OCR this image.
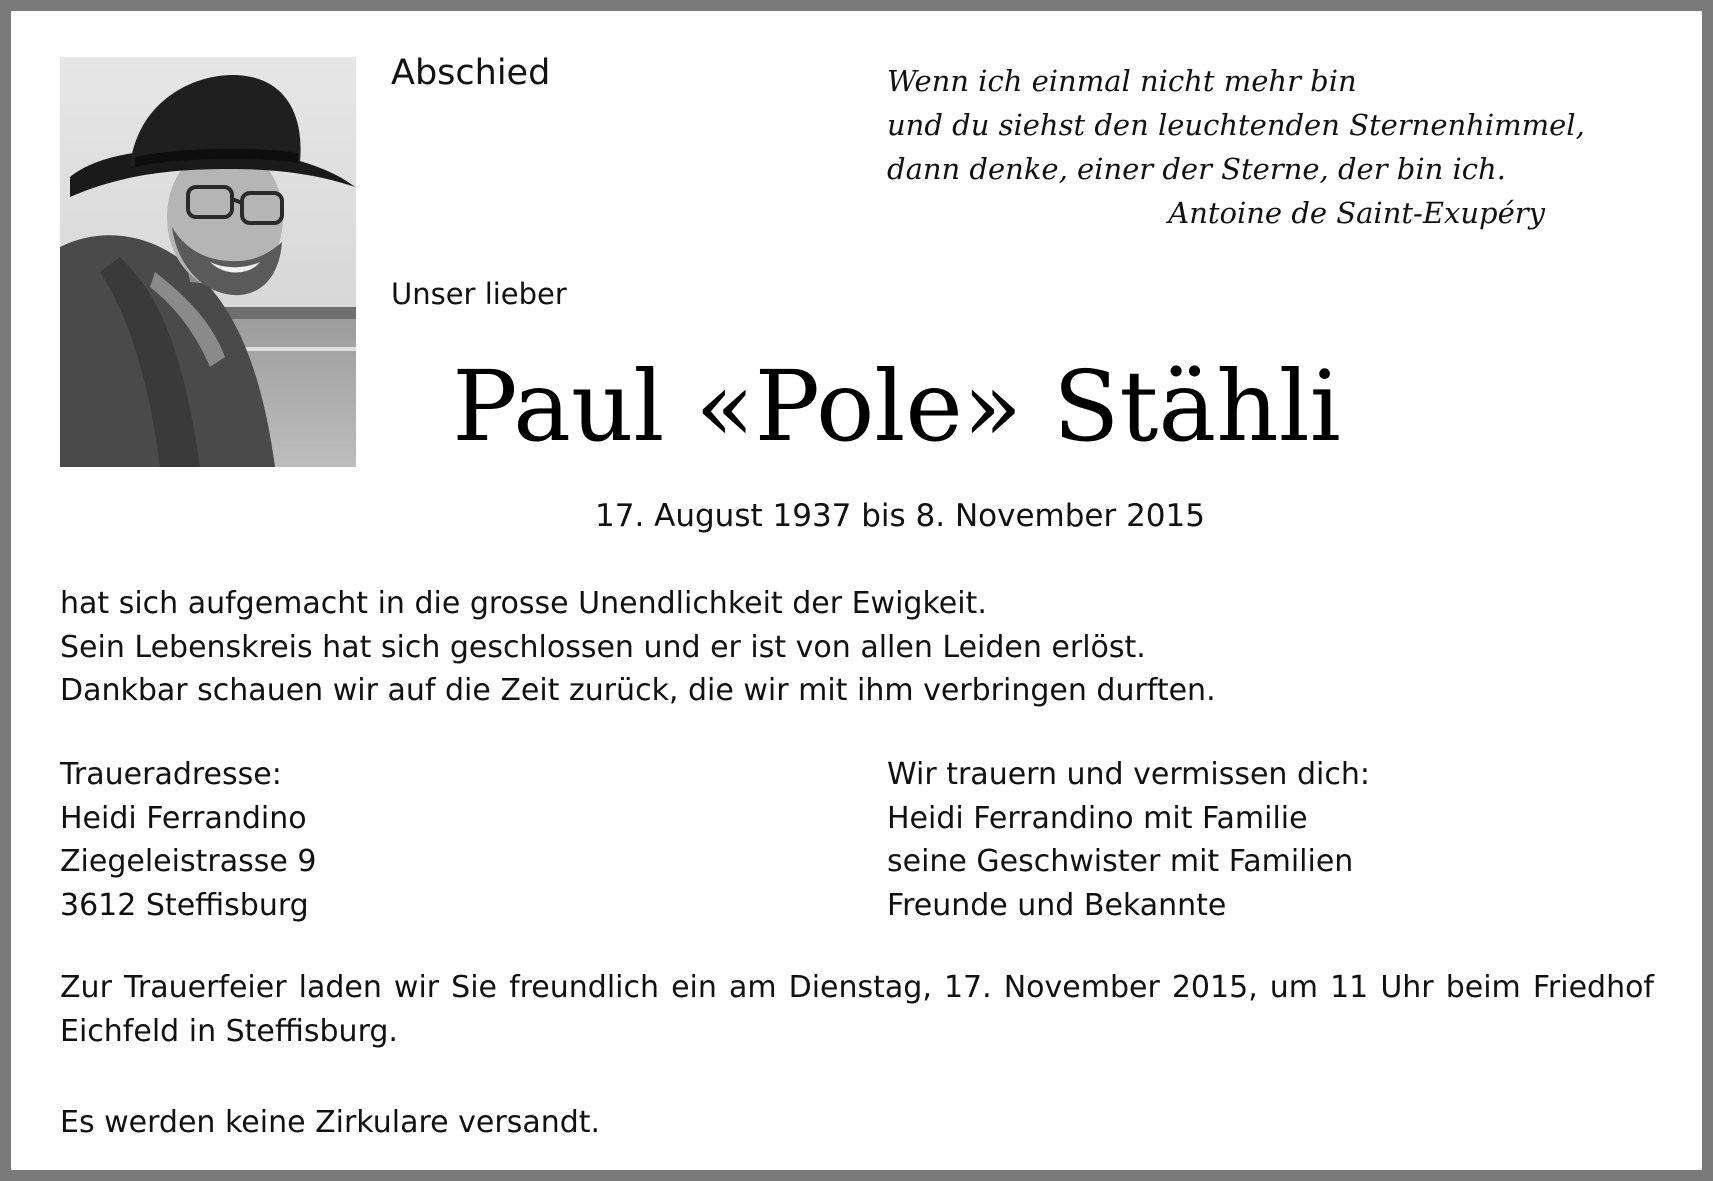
Abschied	Wenn ich einmal nicht mehr bin
und du siehst den leuchtenden Sternenhimmel,
dann denke, einer der Sterne, der bin ich.
Antoine de Saint-Exupéry
Unser lieber
Paul «Pole» Stähli
17. August 1937 bis 8. November 2015
hat sich aufgemacht in die grosse Unendlichkeit der Ewigkeit.
Sein Lebenskreis hat sich geschlossen und er ist von allen Leiden erlöst.
Dankbar schauen wir auf die Zeit zurück, die wir mit ihm verbringen durften.
Traueradresse:
Heidi Ferrandino
Ziegeleistrasse 9
3612 Steffisburg
Wir trauern und vermissen dich:
Heidi Ferrandino mit Familie
seine Geschwister mit Familien
Freunde und Bekannte
Zur Trauerfeier laden wir Sie freundlich ein am Dienstag, 17. November 2015, um 11 Uhr beim Friedhof Eichfeld in Steffisburg.
Es werden keine Zirkulare versandt.
